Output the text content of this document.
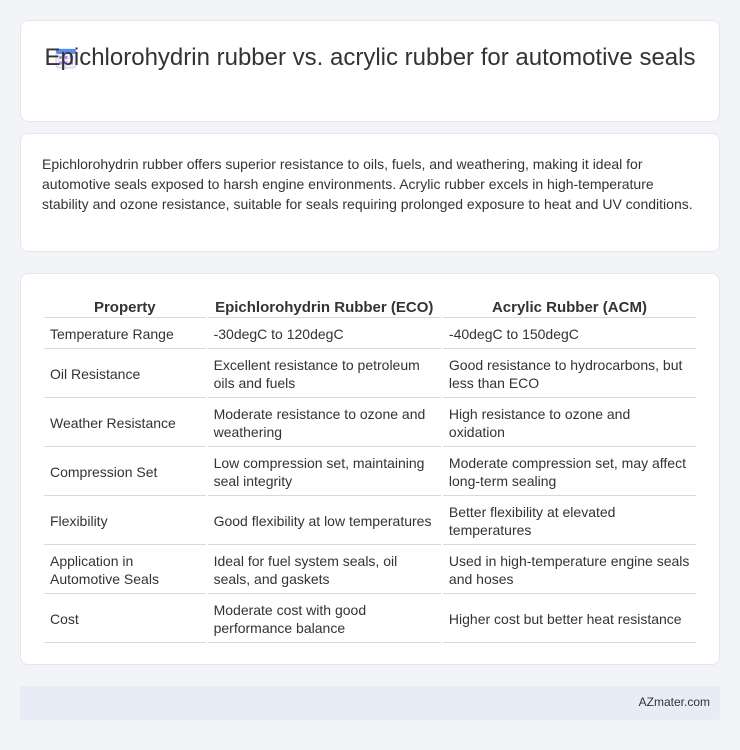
Epichlorohydrin rubber vs. acrylic rubber for automotive seals

Epichlorohydrin rubber offers superior resistance to oils, fuels, and weathering, making it ideal for automotive seals exposed to harsh engine environments. Acrylic rubber excels in high-temperature stability and ozone resistance, suitable for seals requiring prolonged exposure to heat and UV conditions.

Property	Epichlorohydrin Rubber (ECO)	Acrylic Rubber (ACM)
Temperature Range	-30degC to 120degC	-40degC to 150degC
Oil Resistance	Excellent resistance to petroleum oils and fuels	Good resistance to hydrocarbons, but less than ECO
Weather Resistance	Moderate resistance to ozone and weathering	High resistance to ozone and oxidation
Compression Set	Low compression set, maintaining seal integrity	Moderate compression set, may affect long-term sealing
Flexibility	Good flexibility at low temperatures	Better flexibility at elevated temperatures
Application in Automotive Seals	Ideal for fuel system seals, oil seals, and gaskets	Used in high-temperature engine seals and hoses
Cost	Moderate cost with good performance balance	Higher cost but better heat resistance
AZmater.com
